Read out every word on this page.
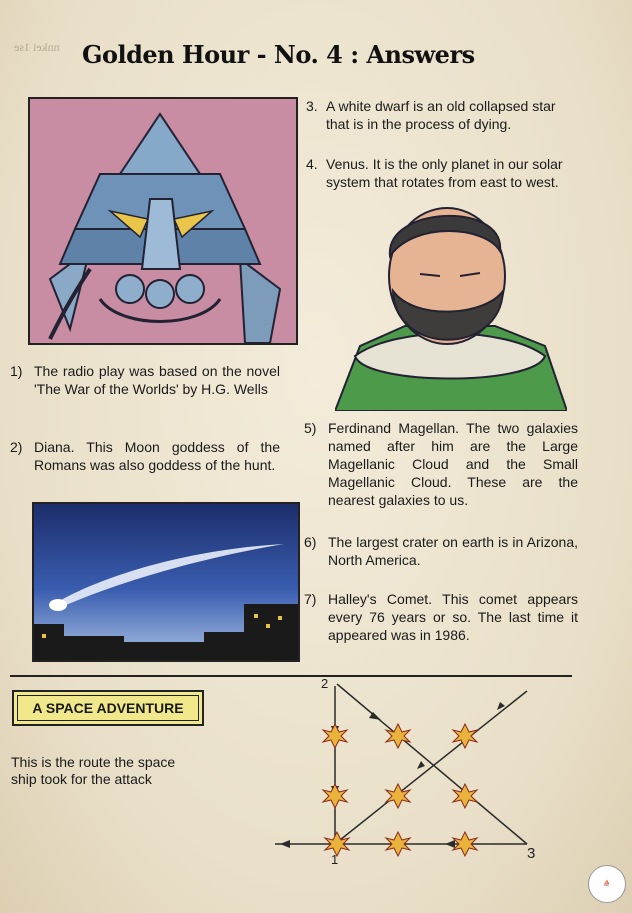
nnkei 1se Golden Hour - No. 4 : Answers
3. A white dwarf is an old collapsed star that is in the process of dying.
4. Venus. It is the only planet in our solar system that rotates from east to west.
1) The radio play was based on the novel 'The War of the Worlds' by H.G. Wells
2) Diana. This Moon goddess of the Romans was also goddess of the hunt.
5) Ferdinand Magellan. The two galaxies named after him are the Large Magellanic Cloud and the Small Magellanic Cloud. These are the nearest galaxies to us.
6) The largest crater on earth is in Arizona, North America.
7) Halley's Comet. This comet appears every 76 years or so. The last time it appeared was in 1986.
A SPACE ADVENTURE
This is the route the space ship took for the attack
2
1	3
⛵
